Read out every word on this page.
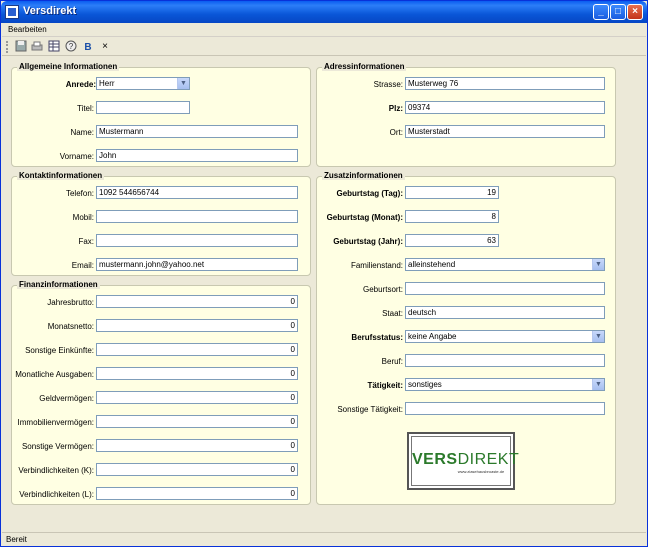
Versdirekt	_	□	×
Bearbeiten
? B	×
Allgemeine Informationen
Anrede: Herr	▼
Titel:
Name: Mustermann
Vorname: John
Adressinformationen
Strasse: Musterweg 76
Plz: 09374
Ort: Musterstadt
Kontaktinformationen
Telefon: 1092 544656744
Mobil:
Fax:
Email: mustermann.john@yahoo.net
Finanzinformationen
Jahresbrutto:	0
Monatsnetto:	0
Sonstige Einkünfte:	0
Monatliche Ausgaben:	0
Geldvermögen:	0
Immobilienvermögen:	0
Sonstige Vermögen:	0
Verbindlichkeiten (K):	0
Verbindlichkeiten (L):	0
Zusatzinformationen
Geburtstag (Tag):	19
Geburtstag (Monat):	8
Geburtstag (Jahr):	63
Familienstand: alleinstehend	▼
Geburtsort:
Staat: deutsch
Berufsstatus: keine Angabe	▼
Beruf:
Tätigkeit: sonstiges	▼
Sonstige Tätigkeit:
VERSDIREKT
www.ziasehausbroaste.de
Bereit
